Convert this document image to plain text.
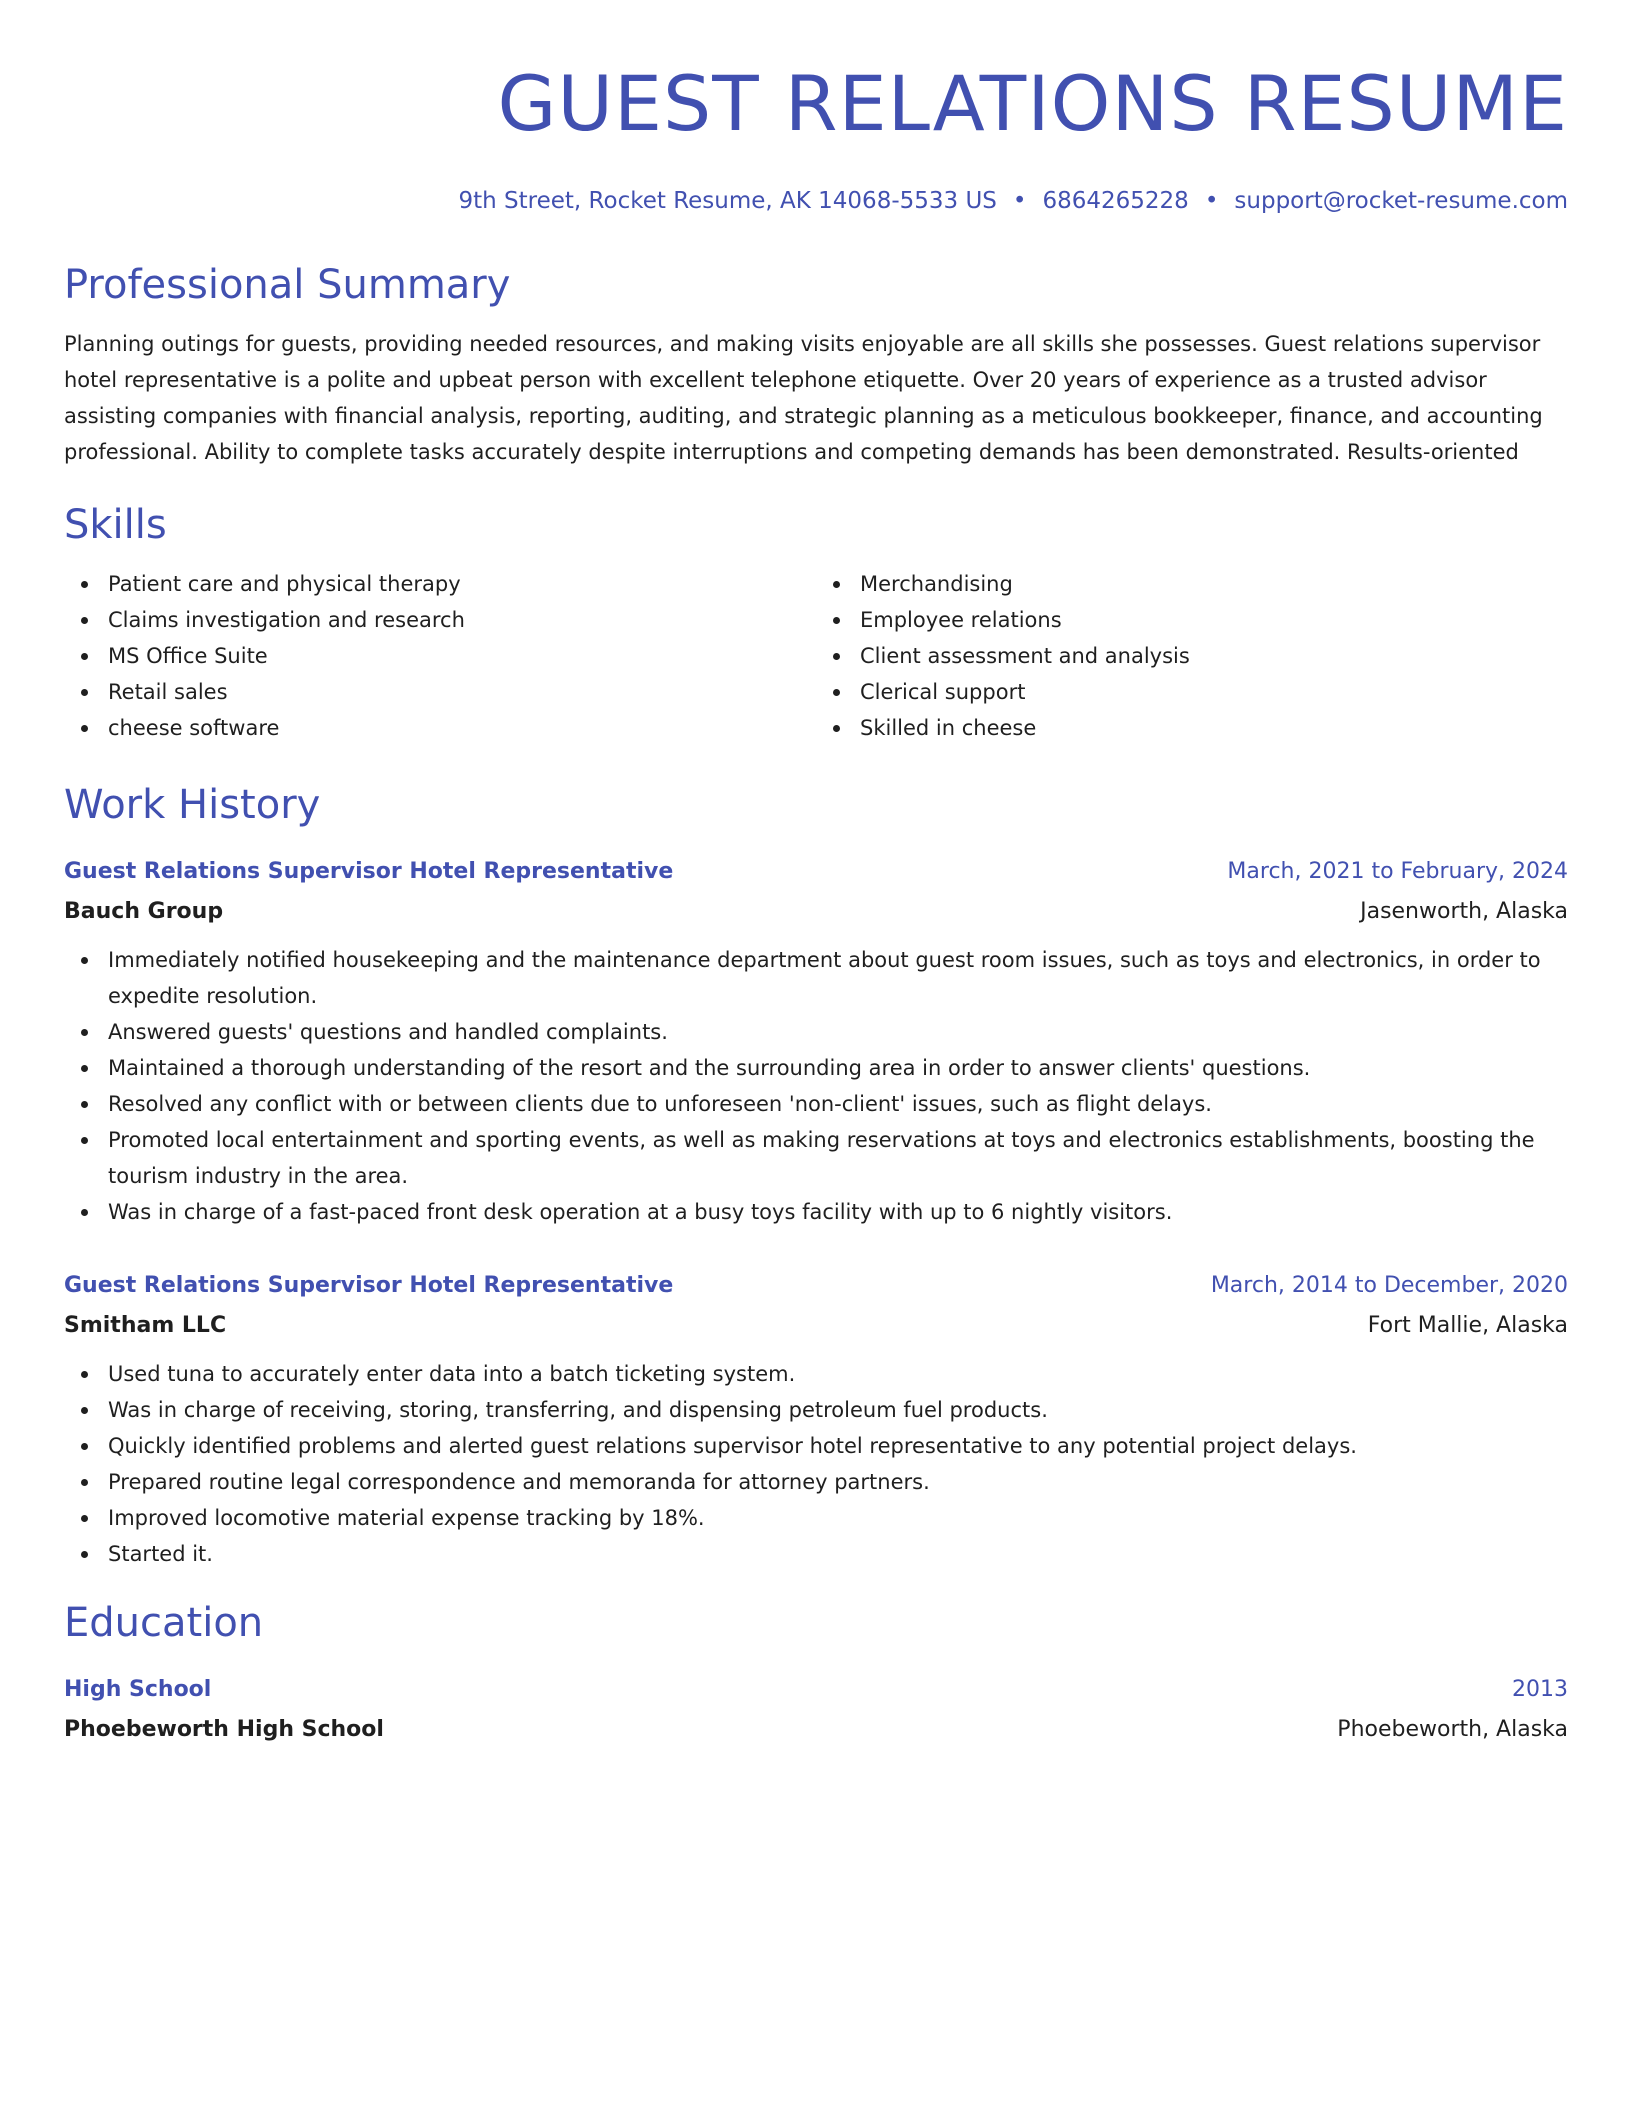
GUEST RELATIONS RESUME
9th Street, Rocket Resume, AK 14068-5533 US • 6864265228 • support@rocket-resume.com
Professional Summary

Planning outings for guests, providing needed resources, and making visits enjoyable are all skills she possesses. Guest relations supervisor hotel representative is a polite and upbeat person with excellent telephone etiquette. Over 20 years of experience as a trusted advisor assisting companies with financial analysis, reporting, auditing, and strategic planning as a meticulous bookkeeper, finance, and accounting professional. Ability to complete tasks accurately despite interruptions and competing demands has been demonstrated. Results-oriented

Skills
Patient care and physical therapy
Claims investigation and research
MS Office Suite
Retail sales
cheese software
Merchandising
Employee relations
Client assessment and analysis
Clerical support
Skilled in cheese
Work History
Guest Relations Supervisor Hotel Representative	March, 2021 to February, 2024
Bauch Group	Jasenworth, Alaska
Immediately notified housekeeping and the maintenance department about guest room issues, such as toys and electronics, in order to expedite resolution.
Answered guests' questions and handled complaints.
Maintained a thorough understanding of the resort and the surrounding area in order to answer clients' questions.
Resolved any conflict with or between clients due to unforeseen 'non-client' issues, such as flight delays.
Promoted local entertainment and sporting events, as well as making reservations at toys and electronics establishments, boosting the tourism industry in the area.
Was in charge of a fast-paced front desk operation at a busy toys facility with up to 6 nightly visitors.
Guest Relations Supervisor Hotel Representative	March, 2014 to December, 2020
Smitham LLC	Fort Mallie, Alaska
Used tuna to accurately enter data into a batch ticketing system.
Was in charge of receiving, storing, transferring, and dispensing petroleum fuel products.
Quickly identified problems and alerted guest relations supervisor hotel representative to any potential project delays.
Prepared routine legal correspondence and memoranda for attorney partners.
Improved locomotive material expense tracking by 18%.
Started it.
Education
High School	2013
Phoebeworth High School	Phoebeworth, Alaska
